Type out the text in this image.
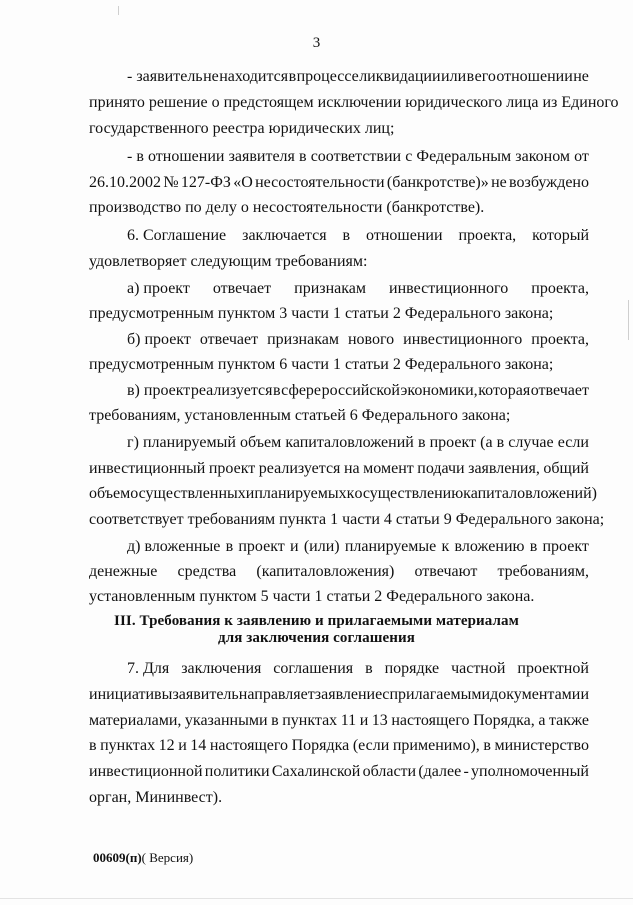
3
- заявитель не находится в процессе ликвидации или в его отношении не
принято решение о предстоящем исключении юридического лица из Единого
государственного реестра юридических лиц;
- в отношении заявителя в соответствии с Федеральным законом от
26.10.2002 № 127-ФЗ «О несостоятельности (банкротстве)» не возбуждено
производство по делу о несостоятельности (банкротстве).
6. Соглашение заключается в отношении проекта, который
удовлетворяет следующим требованиям:
а) проект отвечает признакам инвестиционного проекта,
предусмотренным пунктом 3 части 1 статьи 2 Федерального закона;
б) проект отвечает признакам нового инвестиционного проекта,
предусмотренным пунктом 6 части 1 статьи 2 Федерального закона;
в) проект реализуется в сфере российской экономики, которая отвечает
требованиям, установленным статьей 6 Федерального закона;
г) планируемый объем капиталовложений в проект (а в случае если
инвестиционный проект реализуется на момент подачи заявления, общий
объем осуществленных и планируемых к осуществлению капиталовложений)
соответствует требованиям пункта 1 части 4 статьи 9 Федерального закона;
д) вложенные в проект и (или) планируемые к вложению в проект
денежные средства (капиталовложения) отвечают требованиям,
установленным пунктом 5 части 1 статьи 2 Федерального закона.
III. Требования к заявлению и прилагаемыми материалам
для заключения соглашения
7. Для заключения соглашения в порядке частной проектной
инициативы заявитель направляет заявление с прилагаемыми документами и
материалами, указанными в пунктах 11 и 13 настоящего Порядка, а также
в пунктах 12 и 14 настоящего Порядка (если применимо), в министерство
инвестиционной политики Сахалинской области (далее - уполномоченный
орган, Мининвест).
00609(п)( Версия)
